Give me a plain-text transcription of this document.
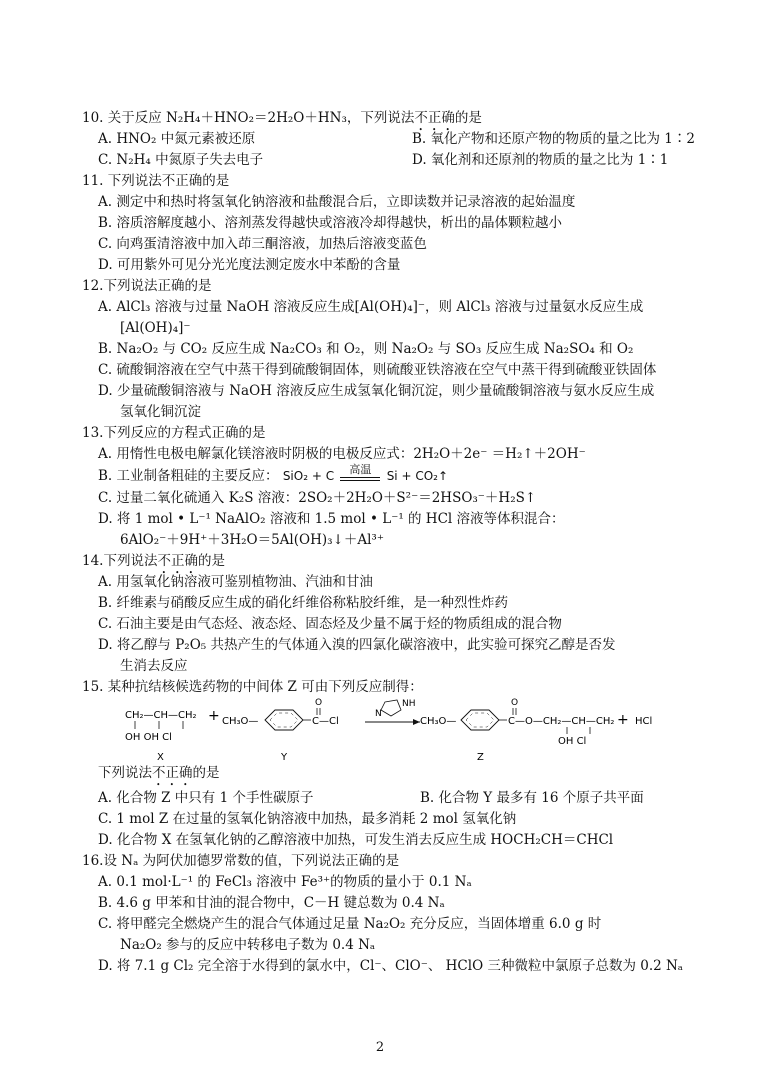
10. 关于反应 N₂H₄＋HNO₂＝2H₂O＋HN₃，下列说法不正确的是
A. HNO₂ 中氮元素被还原	B. 氧化产物和还原产物的物质的量之比为 1∶2
C. N₂H₄ 中氮原子失去电子	D. 氧化剂和还原剂的物质的量之比为 1∶1
11. 下列说法不正确的是
A. 测定中和热时将氢氧化钠溶液和盐酸混合后，立即读数并记录溶液的起始温度
B. 溶质溶解度越小、溶剂蒸发得越快或溶液冷却得越快，析出的晶体颗粒越小
C. 向鸡蛋清溶液中加入茚三酮溶液，加热后溶液变蓝色
D. 可用紫外可见分光光度法测定废水中苯酚的含量
12.下列说法正确的是
A. AlCl₃ 溶液与过量 NaOH 溶液反应生成[Al(OH)₄]⁻，则 AlCl₃ 溶液与过量氨水反应生成
[Al(OH)₄]⁻
B. Na₂O₂ 与 CO₂ 反应生成 Na₂CO₃ 和 O₂，则 Na₂O₂ 与 SO₃ 反应生成 Na₂SO₄ 和 O₂
C. 硫酸铜溶液在空气中蒸干得到硫酸铜固体，则硫酸亚铁溶液在空气中蒸干得到硫酸亚铁固体
D. 少量硫酸铜溶液与 NaOH 溶液反应生成氢氧化铜沉淀，则少量硫酸铜溶液与氨水反应生成
氢氧化铜沉淀
13.下列反应的方程式正确的是
A. 用惰性电极电解氯化镁溶液时阴极的电极反应式：2H₂O＋2e⁻ ＝H₂↑＋2OH⁻
B. 工业制备粗硅的主要反应： SiO₂ + C	高温	Si + CO₂↑
C. 过量二氧化硫通入 K₂S 溶液：2SO₂＋2H₂O＋S²⁻＝2HSO₃⁻＋H₂S↑
D. 将 1 mol • L⁻¹ NaAlO₂ 溶液和 1.5 mol • L⁻¹ 的 HCl 溶液等体积混合：
6AlO₂⁻＋9H⁺＋3H₂O＝5Al(OH)₃↓＋Al³⁺
14.下列说法不正确的是
A. 用氢氧化钠溶液可鉴别植物油、汽油和甘油
B. 纤维素与硝酸反应生成的硝化纤维俗称粘胶纤维，是一种烈性炸药
C. 石油主要是由气态烃、液态烃、固态烃及少量不属于烃的物质组成的混合物
D. 将乙醇与 P₂O₅ 共热产生的气体通入溴的四氯化碳溶液中，此实验可探究乙醇是否发
生消去反应
15. 某种抗结核候选药物的中间体 Z 可由下列反应制得：
CH₂—CH—CH₂
OH OH Cl
X
+ CH₃O—
O
C—Cl
Y
NH
N
CH₃O—
O
C—O—CH₂—CH—CH₂
OH Cl
Z
+ HCl
下列说法不正确的是
A. 化合物 Z 中只有 1 个手性碳原子	B. 化合物 Y 最多有 16 个原子共平面
C. 1 mol Z 在过量的氢氧化钠溶液中加热，最多消耗 2 mol 氢氧化钠
D. 化合物 X 在氢氧化钠的乙醇溶液中加热，可发生消去反应生成 HOCH₂CH＝CHCl
16.设 Nₐ 为阿伏加德罗常数的值，下列说法正确的是
A. 0.1 mol·L⁻¹ 的 FeCl₃ 溶液中 Fe³⁺的物质的量小于 0.1 Nₐ
B. 4.6 g 甲苯和甘油的混合物中，C－H 键总数为 0.4 Nₐ
C. 将甲醛完全燃烧产生的混合气体通过足量 Na₂O₂ 充分反应，当固体增重 6.0 g 时
Na₂O₂ 参与的反应中转移电子数为 0.4 Nₐ
D. 将 7.1 g Cl₂ 完全溶于水得到的氯水中，Cl⁻、ClO⁻、 HClO 三种微粒中氯原子总数为 0.2 Nₐ
2
